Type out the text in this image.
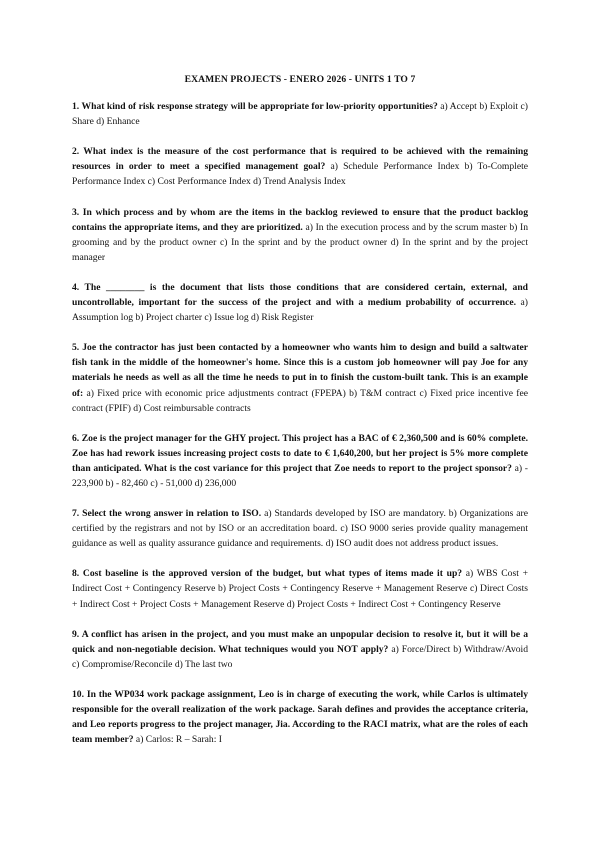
EXAMEN PROJECTS - ENERO 2026 - UNITS 1 TO 7
1. What kind of risk response strategy will be appropriate for low-priority opportunities? a) Accept b) Exploit c) Share d) Enhance
2. What index is the measure of the cost performance that is required to be achieved with the remaining resources in order to meet a specified management goal? a) Schedule Performance Index b) To-Complete Performance Index c) Cost Performance Index d) Trend Analysis Index
3. In which process and by whom are the items in the backlog reviewed to ensure that the product backlog contains the appropriate items, and they are prioritized. a) In the execution process and by the scrum master b) In grooming and by the product owner c) In the sprint and by the product owner d) In the sprint and by the project manager
4. The ________ is the document that lists those conditions that are considered certain, external, and uncontrollable, important for the success of the project and with a medium probability of occurrence. a) Assumption log b) Project charter c) Issue log d) Risk Register
5. Joe the contractor has just been contacted by a homeowner who wants him to design and build a saltwater fish tank in the middle of the homeowner's home. Since this is a custom job homeowner will pay Joe for any materials he needs as well as all the time he needs to put in to finish the custom-built tank. This is an example of: a) Fixed price with economic price adjustments contract (FPEPA) b) T&M contract c) Fixed price incentive fee contract (FPIF) d) Cost reimbursable contracts
6. Zoe is the project manager for the GHY project. This project has a BAC of € 2,360,500 and is 60% complete. Zoe has had rework issues increasing project costs to date to € 1,640,200, but her project is 5% more complete than anticipated. What is the cost variance for this project that Zoe needs to report to the project sponsor? a) - 223,900 b) - 82,460 c) - 51,000 d) 236,000
7. Select the wrong answer in relation to ISO. a) Standards developed by ISO are mandatory. b) Organizations are certified by the registrars and not by ISO or an accreditation board. c) ISO 9000 series provide quality management guidance as well as quality assurance guidance and requirements. d) ISO audit does not address product issues.
8. Cost baseline is the approved version of the budget, but what types of items made it up? a) WBS Cost + Indirect Cost + Contingency Reserve b) Project Costs + Contingency Reserve + Management Reserve c) Direct Costs + Indirect Cost + Project Costs + Management Reserve d) Project Costs + Indirect Cost + Contingency Reserve
9. A conflict has arisen in the project, and you must make an unpopular decision to resolve it, but it will be a quick and non-negotiable decision. What techniques would you NOT apply? a) Force/Direct b) Withdraw/Avoid c) Compromise/Reconcile d) The last two
10. In the WP034 work package assignment, Leo is in charge of executing the work, while Carlos is ultimately responsible for the overall realization of the work package. Sarah defines and provides the acceptance criteria, and Leo reports progress to the project manager, Jia. According to the RACI matrix, what are the roles of each team member? a) Carlos: R – Sarah: I
